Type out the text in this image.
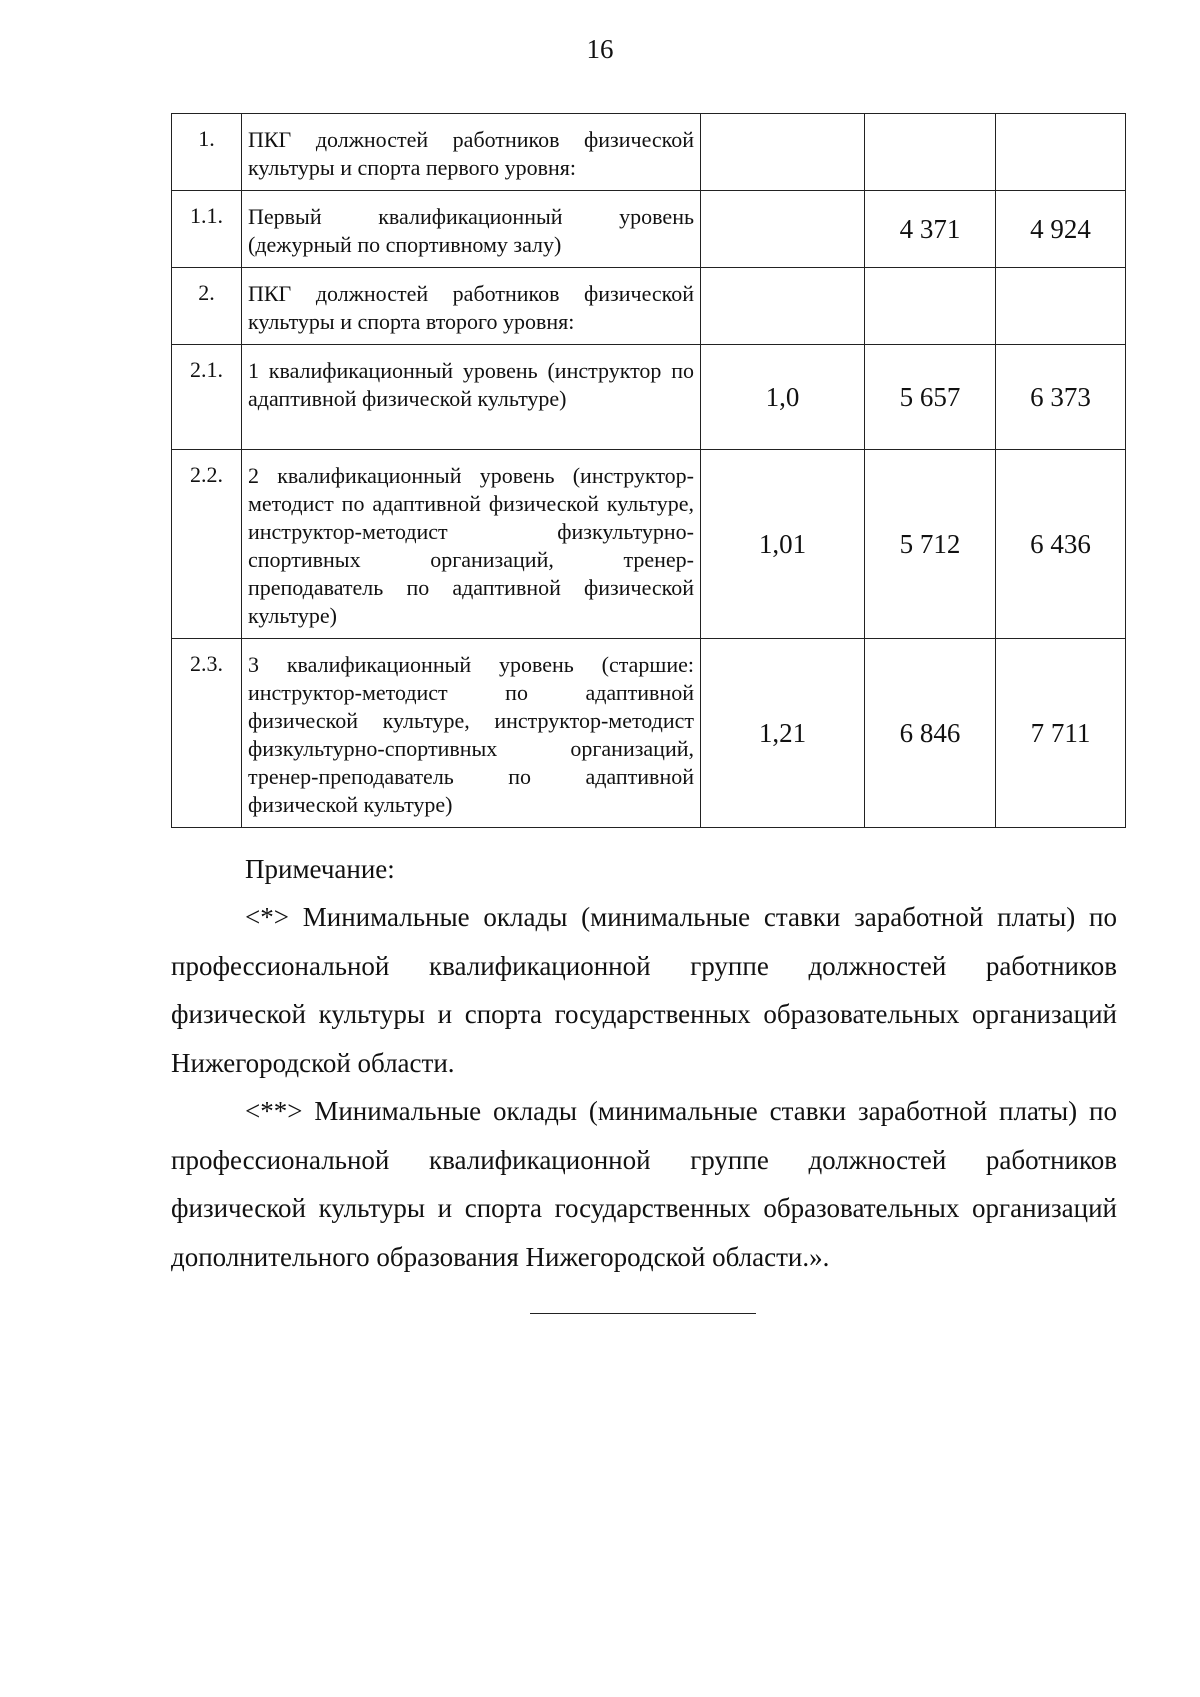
16
1.	ПКГ должностей работников физической культуры и спорта первого уровня:			
1.1.	Первый квалификационный уровень (дежурный по спортивному залу)		4 371	4 924
2.	ПКГ должностей работников физической культуры и спорта второго уровня:			
2.1.	1 квалификационный уровень (инструктор по адаптивной физической культуре)	1,0	5 657	6 373
2.2.	2 квалификационный уровень (инструктор-методист по адаптивной физической культуре, инструктор-методист физкультурно-спортивных организаций, тренер-преподаватель по адаптивной физической культуре)	1,01	5 712	6 436
2.3.	3 квалификационный уровень (старшие: инструктор-методист по адаптивной физической культуре, инструктор-методист физкультурно-спортивных организаций, тренер-преподаватель по адаптивной физической культуре)	1,21	6 846	7 711
Примечание:

<*> Минимальные оклады (минимальные ставки заработной платы) по профессиональной квалификационной группе должностей работников физической культуры и спорта государственных образовательных организаций Нижегородской области.

<**> Минимальные оклады (минимальные ставки заработной платы) по профессиональной квалификационной группе должностей работников физической культуры и спорта государственных образовательных организаций дополнительного образования Нижегородской области.».
